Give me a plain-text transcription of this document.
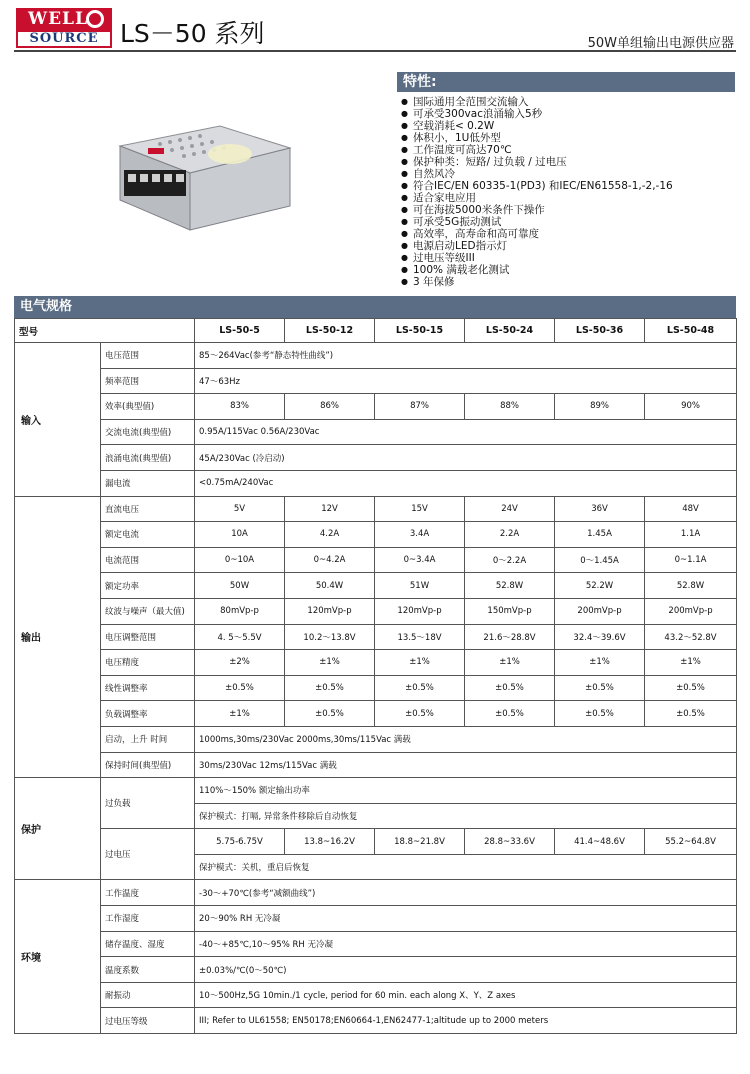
WELL
SOURCE LS－50 系列	50W单组输出电源供应器
特性:
● 国际通用全范围交流输入
● 可承受300vac浪涌输入5秒
● 空载消耗< 0.2W
● 体积小，1U低外型
● 工作温度可高达70℃
● 保护种类：短路/ 过负载 / 过电压
● 自然风冷
● 符合IEC/EN 60335-1(PD3) 和IEC/EN61558-1,-2,-16
● 适合家电应用
● 可在海拔5000米条件下操作
● 可承受5G振动测试
● 高效率，高寿命和高可靠度
● 电源启动LED指示灯
● 过电压等级III
● 100% 满载老化测试
● 3 年保修
电气规格
型号		LS-50-5	LS-50-12	LS-50-15	LS-50-24	LS-50-36	LS-50-48
输入	电压范围	85～264Vac(参考“静态特性曲线”)					
	频率范围	47～63Hz					
	效率(典型值)	83%	86%	87%	88%	89%	90%
	交流电流(典型值)	0.95A/115Vac 0.56A/230Vac					
	浪涌电流(典型值)	45A/230Vac (冷启动)					
	漏电流	<0.75mA/240Vac					
输出	直流电压	5V	12V	15V	24V	36V	48V
	额定电流	10A	4.2A	3.4A	2.2A	1.45A	1.1A
	电流范围	0~10A	0~4.2A	0~3.4A	0～2.2A	0～1.45A	0~1.1A
	额定功率	50W	50.4W	51W	52.8W	52.2W	52.8W
	纹波与噪声（最大值)	80mVp-p	120mVp-p	120mVp-p	150mVp-p	200mVp-p	200mVp-p
	电压调整范围	4. 5～5.5V	10.2～13.8V	13.5～18V	21.6～28.8V	32.4～39.6V	43.2～52.8V
	电压精度	±2%	±1%	±1%	±1%	±1%	±1%
	线性调整率	±0.5%	±0.5%	±0.5%	±0.5%	±0.5%	±0.5%
	负载调整率	±1%	±0.5%	±0.5%	±0.5%	±0.5%	±0.5%
	启动，上升 时间	1000ms,30ms/230Vac 2000ms,30ms/115Vac 满载					
	保持时间(典型值)	30ms/230Vac 12ms/115Vac 满载					
保护	过负载	110%～150% 额定输出功率					
		保护模式：打嗝, 异常条件移除后自动恢复					
	过电压	5.75-6.75V	13.8~16.2V	18.8~21.8V	28.8~33.6V	41.4~48.6V	55.2~64.8V
		保护模式：关机，重启后恢复					
环境	工作温度	-30～+70℃(参考“减额曲线”)					
	工作湿度	20～90% RH 无冷凝					
	储存温度、湿度	-40～+85℃,10～95% RH 无冷凝					
	温度系数	±0.03%/℃(0～50℃)					
	耐振动	10～500Hz,5G 10min./1 cycle, period for 60 min. each along X、Y、Z axes					
	过电压等级	III; Refer to UL61558; EN50178;EN60664-1,EN62477-1;altitude up to 2000 meters					
